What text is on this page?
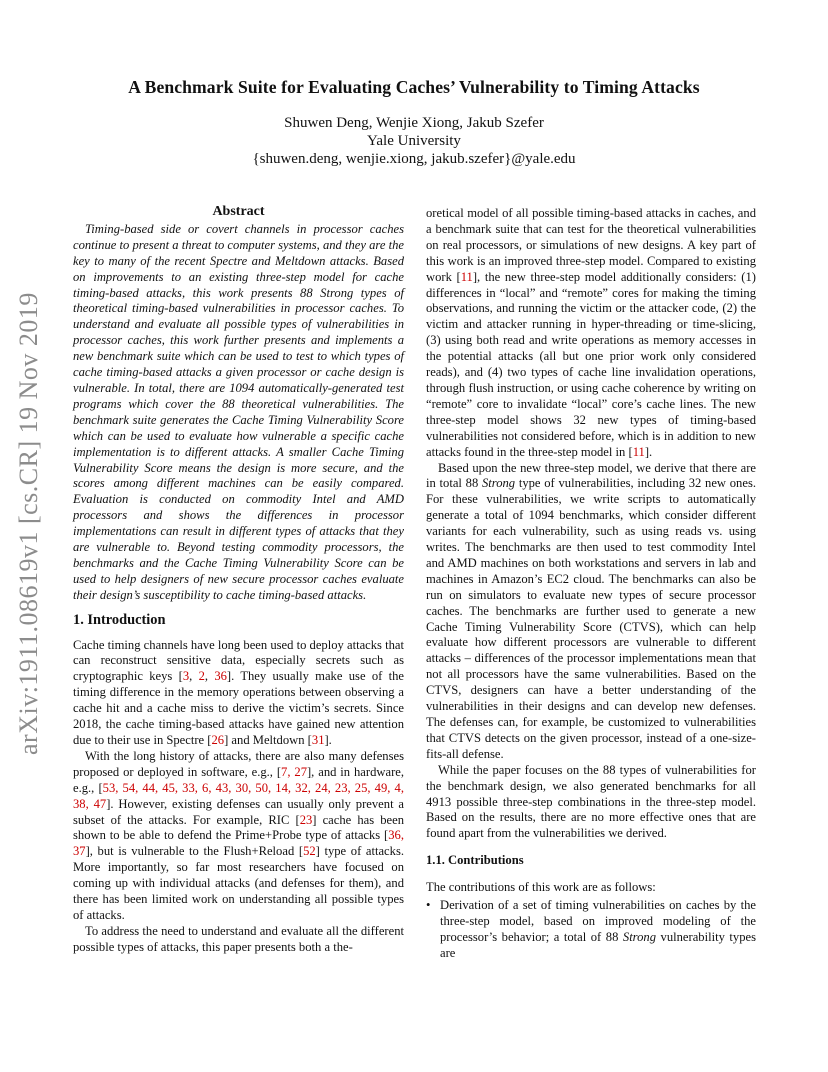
A Benchmark Suite for Evaluating Caches’ Vulnerability to Timing Attacks
Shuwen Deng, Wenjie Xiong, Jakub Szefer
Yale University
{shuwen.deng, wenjie.xiong, jakub.szefer}@yale.edu
arXiv:1911.08619v1 [cs.CR] 19 Nov 2019
Abstract

Timing-based side or covert channels in processor caches continue to present a threat to computer systems, and they are the key to many of the recent Spectre and Meltdown attacks. Based on improvements to an existing three-step model for cache timing-based attacks, this work presents 88 Strong types of theoretical timing-based vulnerabilities in processor caches. To understand and evaluate all possible types of vulnerabilities in processor caches, this work further presents and implements a new benchmark suite which can be used to test to which types of cache timing-based attacks a given processor or cache design is vulnerable. In total, there are 1094 automatically-generated test programs which cover the 88 theoretical vulnerabilities. The benchmark suite generates the Cache Timing Vulnerability Score which can be used to evaluate how vulnerable a specific cache implementation is to different attacks. A smaller Cache Timing Vulnerability Score means the design is more secure, and the scores among different machines can be easily compared. Evaluation is conducted on commodity Intel and AMD processors and shows the differences in processor implementations can result in different types of attacks that they are vulnerable to. Beyond testing commodity processors, the benchmarks and the Cache Timing Vulnerability Score can be used to help designers of new secure processor caches evaluate their design’s susceptibility to cache timing-based attacks.

1. Introduction

Cache timing channels have long been used to deploy attacks that can reconstruct sensitive data, especially secrets such as cryptographic keys [3, 2, 36]. They usually make use of the timing difference in the memory operations between observing a cache hit and a cache miss to derive the victim’s secrets. Since 2018, the cache timing-based attacks have gained new attention due to their use in Spectre [26] and Meltdown [31].

With the long history of attacks, there are also many defenses proposed or deployed in software, e.g., [7, 27], and in hardware, e.g., [53, 54, 44, 45, 33, 6, 43, 30, 50, 14, 32, 24, 23, 25, 49, 4, 38, 47]. However, existing defenses can usually only prevent a subset of the attacks. For example, RIC [23] cache has been shown to be able to defend the Prime+Probe type of attacks [36, 37], but is vulnerable to the Flush+Reload [52] type of attacks. More importantly, so far most researchers have focused on coming up with individual attacks (and defenses for them), and there has been limited work on understanding all possible types of attacks.

To address the need to understand and evaluate all the different possible types of attacks, this paper presents both a the-

oretical model of all possible timing-based attacks in caches, and a benchmark suite that can test for the theoretical vulnerabilities on real processors, or simulations of new designs. A key part of this work is an improved three-step model. Compared to existing work [11], the new three-step model additionally considers: (1) differences in “local” and “remote” cores for making the timing observations, and running the victim or the attacker code, (2) the victim and attacker running in hyper-threading or time-slicing, (3) using both read and write operations as memory accesses in the potential attacks (all but one prior work only considered reads), and (4) two types of cache line invalidation operations, through flush instruction, or using cache coherence by writing on “remote” core to invalidate “local” core’s cache lines. The new three-step model shows 32 new types of timing-based vulnerabilities not considered before, which is in addition to new attacks found in the three-step model in [11].

Based upon the new three-step model, we derive that there are in total 88 Strong type of vulnerabilities, including 32 new ones. For these vulnerabilities, we write scripts to automatically generate a total of 1094 benchmarks, which consider different variants for each vulnerability, such as using reads vs. using writes. The benchmarks are then used to test commodity Intel and AMD machines on both workstations and servers in lab and machines in Amazon’s EC2 cloud. The benchmarks can also be run on simulators to evaluate new types of secure processor caches. The benchmarks are further used to generate a new Cache Timing Vulnerability Score (CTVS), which can help evaluate how different processors are vulnerable to different attacks – differences of the processor implementations mean that not all processors have the same vulnerabilities. Based on the CTVS, designers can have a better understanding of the vulnerabilities in their designs and can develop new defenses. The defenses can, for example, be customized to vulnerabilities that CTVS detects on the given processor, instead of a one-size-fits-all defense.

While the paper focuses on the 88 types of vulnerabilities for the benchmark design, we also generated benchmarks for all 4913 possible three-step combinations in the three-step model. Based on the results, there are no more effective ones that are found apart from the vulnerabilities we derived.

1.1. Contributions

The contributions of this work are as follows:

• Derivation of a set of timing vulnerabilities on caches by the three-step model, based on improved modeling of the processor’s behavior; a total of 88 Strong vulnerability types are
